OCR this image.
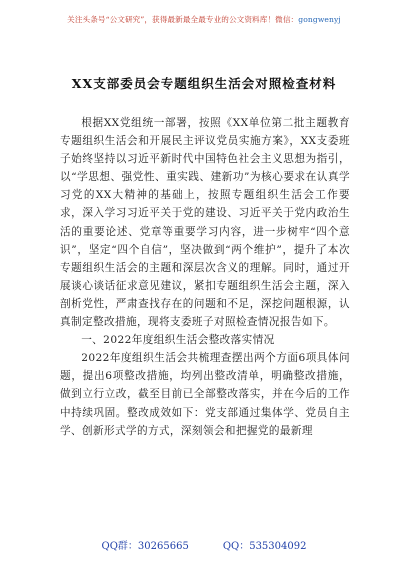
关注头条号“公文研究”，获得最新最全最专业的公文资料库！微信：gongwenyj
XX支部委员会专题组织生活会对照检查材料

根据XX党组统一部署，按照《XX单位第二批主题教育专题组织生活会和开展民主评议党员实施方案》，XX支委班子始终坚持以习近平新时代中国特色社会主义思想为指引，以“学思想、强党性、重实践、建新功”为核心要求在认真学习党的XX大精神的基础上，按照专题组织生活会工作要求，深入学习习近平关于党的建设、习近平关于党内政治生活的重要论述、党章等重要学习内容，进一步树牢“四个意识”，坚定“四个自信”，坚决做到“两个维护”，提升了本次专题组织生活会的主题和深层次含义的理解。同时，通过开展谈心谈话征求意见建议，紧扣专题组织生活会主题，深入剖析党性，严肃查找存在的问题和不足，深挖问题根源，认真制定整改措施，现将支委班子对照检查情况报告如下。

一、2022年度组织生活会整改落实情况

2022年度组织生活会共梳理查摆出两个方面6项具体问题，提出6项整改措施，均列出整改清单，明确整改措施，做到立行立改，截至目前已全部整改落实，并在今后的工作中持续巩固。整改成效如下：党支部通过集体学、党员自主学、创新形式学的方式，深刻领会和把握党的最新理

QQ群：30265665	QQ：535304092
